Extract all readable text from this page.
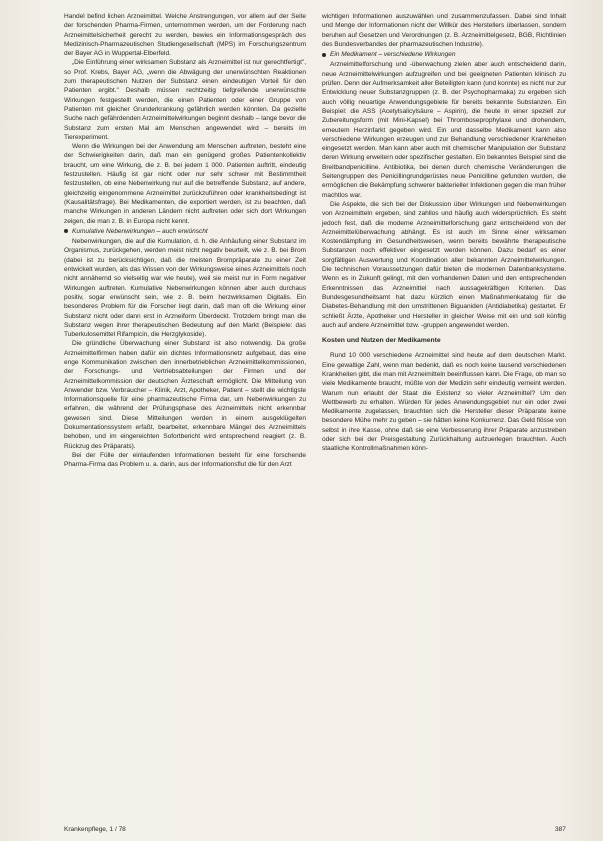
Handel befind lichen Arzneimittel. Welche Anstrengungen, vor allem auf der Seite der forschenden Pharma-Firmen, unternommen werden, um der Forderung nach Arzneimittelsicherheit gerecht zu werden, bewies ein Informationsgespräch des Medizinisch-Pharmazeutischen Studiengesellschaft (MPS) im Forschungszentrum der Bayer AG in Wuppertal-Elberfeld.

„Die Einführung einer wirksamen Substanz als Arzneimittel ist nur gerechtfertigt", so Prof. Krebs, Bayer AG, „wenn die Abwägung der unerwünschten Reaktionen zum therapeutischen Nutzen der Substanz einen eindeutigen Vorteil für den Patienten ergibt." Deshalb müssen rechtzeitig tiefgreifende unerwünschte Wirkungen festgestellt werden, die einen Patienten oder einer Gruppe von Patienten mit gleicher Grunderkrankung gefährlich werden könnten. Da gezielte Suche nach gefährdenden Arzneimittelwirkungen beginnt deshalb – lange bevor die Substanz zum ersten Mal am Menschen angewendet wird – bereits im Tierexperiment.

Wenn die Wirkungen bei der Anwendung am Menschen auftreten, besteht eine der Schwierigkeiten darin, daß man ein genügend großes Patientenkollektiv braucht, um eine Wirkung, die z. B. bei jedem 1 000. Patienten auftritt, eindeutig festzustellen. Häufig ist gar nicht oder nur sehr schwer mit Bestimmtheit festzustellen, ob eine Nebenwirkung nur auf die betreffende Substanz, auf andere, gleichzeitig eingenommene Arzneimittel zurückzuführen oder krankheitsbedingt ist (Kausalitätsfrage). Bei Medikamenten, die exportiert werden, ist zu beachten, daß manche Wirkungen in anderen Ländern nicht auftreten oder sich dort Wirkungen zeigen, die man z. B. in Europa nicht kennt.

Kumulative Nebenwirkungen – auch erwünscht

Nebenwirkungen, die auf die Kumulation, d. h. die Anhäufung einer Substanz im Organismus, zurückgehen, werden meist nicht negativ beurteilt, wie z. B. bei Brom (dabei ist zu berücksichtigen, daß die meisten Brompräparate zu einer Zeit entwickelt wurden, als das Wissen von der Wirkungsweise eines Arzneimittels noch nicht annähernd so vielseitig war wie heute), weil sie meist nur in Form negativer Wirkungen auftreten. Kumulative Nebenwirkungen können aber auch durchaus positiv, sogar erwünscht sein, wie z. B. beim herzwirksamen Digitalis. Ein besonderes Problem für die Forscher liegt darin, daß man oft die Wirkung einer Substanz nicht oder dann erst in Arzneiform Überdeckt. Trotzdem bringt man die Substanz wegen ihrer therapeutischen Bedeutung auf den Markt (Beispiele: das Tuberkulosemittel Rifampicin, die Herzglykoside).

Die gründliche Überwachung einer Substanz ist also notwendig. Da große Arzneimittelfirmen haben dafür ein dichtes Informationsnetz aufgebaut, das eine enge Kommunikation zwischen den innerbetrieblichen Arzneimittelkommissionen, der Forschungs- und Vertriebsabteilungen der Firmen und der Arzneimittelkommission der deutschen Ärzteschaft ermöglicht. Die Mitteilung von Anwender bzw. Verbraucher – Klinik, Arzt, Apotheker, Patient – stellt die wichtigste Informationsquelle für eine pharmazeutische Firma dar, um Nebenwirkungen zu erfahren, die während der Prüfungsphase des Arzneimittels nicht erkennbar gewesen sind. Diese Mitteilungen werden in einem ausgeklügelten Dokumentationssystem erfaßt, bearbeitet, erkennbare Mängel des Arzneimittels behoben, und im eingereichten Sofortbericht wird entsprechend reagiert (z. B. Rückzug des Präparats).

Bei der Fülle der einlaufenden Informationen besteht für eine forschende Pharma-Firma das Problem u. a. darin, aus der Informationsflut die für den Arzt

wichtigen Informationen auszuwählen und zusammenzufassen. Dabei sind Inhalt und Menge der Informationen nicht der Willkür des Herstellers überlassen, sondern beruhen auf Gesetzen und Verordnungen (z. B. Arzneimittelgesetz, BGB, Richtlinien des Bundesverbandes der pharmazeutischen Industrie).

Ein Medikament – verschiedene Wirkungen

Arzneimittelforschung und -überwachung zielen aber auch entscheidend darin, neue Arzneimittelwirkungen aufzugreifen und bei geeigneten Patienten klinisch zu prüfen. Denn der Aufmerksamkeit aller Beteiligten kann (und konnte) es nicht nur zur Entwicklung neuer Substanzgruppen (z. B. der Psychopharmaka) zu ergeben sich auch völlig neuartige Anwendungsgebiete für bereits bekannte Substanzen. Ein Beispiel: die ASS (Acetylsalicylsäure – Aspirin), die heute in einer speziell zur Zubereitungsform (mit Mini-Kapsel) bei Thromboseprophylaxe und drohendem, erneutem Herzinfarkt gegeben wird. Ein und dasselbe Medikament kann also verschiedene Wirkungen erzeugen und zur Behandlung verschiedener Krankheiten eingesetzt werden. Man kann aber auch mit chemischer Manipulation der Substanz deren Wirkung erweitern oder spezifischer gestalten. Ein bekanntes Beispiel sind die Breitbandpenicilline. Antibiotika, bei denen durch chemische Veränderungen die Seitengruppen des Penicillingrundgerüstes neue Penicilline gefunden wurden, die ermöglichen die Bekämpfung schwerer bakterieller Infektionen gegen die man früher machtlos war.

Die Aspekte, die sich bei der Diskussion über Wirkungen und Nebenwirkungen von Arzneimitteln ergeben, sind zahllos und häufig auch widersprüchlich. Es steht jedoch fest, daß die moderne Arzneimittelforschung ganz entscheidend von der Arzneimittelüberwachung abhängt. Es ist auch im Sinne einer wirksamen Kostendämpfung im Gesundheitswesen, wenn bereits bewährte therapeutische Substanzen noch effektiver eingesetzt werden können. Dazu bedarf es einer sorgfältigen Auswertung und Koordination aller bekannten Arzneimittelwirkungen. Die technischen Voraussetzungen dafür bieten die modernen Datenbanksysteme. Wenn es in Zukunft gelingt, mit den vorhandenen Daten und den entsprechenden Erkenntnissen das Arzneimittel nach aussagekräftigen Kriterien. Das Bundesgesundheitsamt hat dazu kürzlich einen Maßnahmenkatalog für die Diabetes-Behandlung mit den umstrittenen Biguaniden (Antidiabetika) gestartet. Er schließt Ärzte, Apotheker und Hersteller in gleicher Weise mit ein und soll künftig auch auf andere Arzneimittel bzw. -gruppen angewendet werden.

Kosten und Nutzen der Medikamente

Rund 10 000 verschiedene Arzneimittel sind heute auf dem deutschen Markt. Eine gewaltige Zahl, wenn man bedenkt, daß es noch keine tausend verschiedenen Krankheiten gibt, die man mit Arzneimitteln beeinflussen kann. Die Frage, ob man so viele Medikamente braucht, müßte von der Medizin sehr eindeutig verneint werden. Warum nun erlaubt der Staat die Existenz so vieler Arzneimittel? Um den Wettbewerb zu erhalten. Würden für jedes Anwendungsgebiet nur ein oder zwei Medikamente zugelassen, brauchten sich die Hersteller dieser Präparate keine besondere Mühe mehr zu geben – sie hätten keine Konkurrenz. Das Geld flösse von selbst in ihre Kasse, ohne daß sie eine Verbesserung ihrer Präparate anzustreben oder sich bei der Preisgestaltung Zurückhaltung aufzuerlegen brauchten. Auch staatliche Kontrollmaßnahmen könn-

Krankenpflege, 1 / 78	387
